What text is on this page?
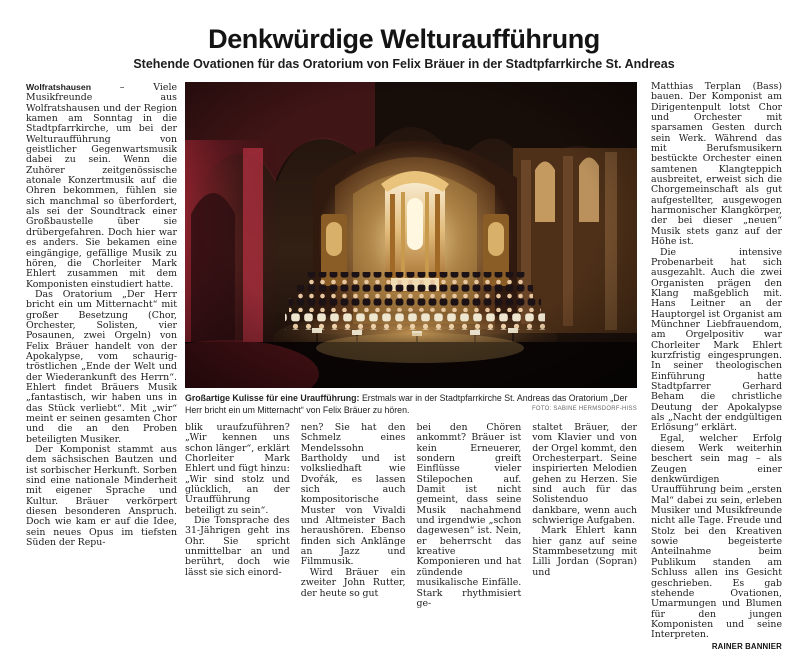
Denkwürdige Welturaufführung
Stehende Ovationen für das Oratorium von Felix Bräuer in der Stadtpfarrkirche St. Andreas

Wolfratshausen – Viele Musikfreunde aus Wolfratshausen und der Region kamen am Sonntag in die Stadtpfarrkirche, um bei der Welturaufführung von geistlicher Gegenwartsmusik dabei zu sein. Wenn die Zuhörer zeitgenössische atonale Konzertmusik auf die Ohren bekommen, fühlen sie sich manchmal so überfordert, als sei der Soundtrack einer Großbaustelle über sie drübergefahren. Doch hier war es anders. Sie bekamen eine eingängige, gefällige Musik zu hören, die Chorleiter Mark Ehlert zusammen mit dem Komponisten einstudiert hatte.

Das Oratorium „Der Herr bricht ein um Mitternacht“ mit großer Besetzung (Chor, Orchester, Solisten, vier Posaunen, zwei Orgeln) von Felix Bräuer handelt von der Apokalypse, vom schaurig-tröstlichen „Ende der Welt und der Wiederankunft des Herrn“. Ehlert findet Bräuers Musik „fantastisch, wir haben uns in das Stück verliebt“. Mit „wir“ meint er seinen gesamten Chor und die an den Proben beteiligten Musiker.

Der Komponist stammt aus dem sächsischen Bautzen und ist sorbischer Herkunft. Sorben sind eine nationale Minderheit mit eigener Sprache und Kultur. Bräuer verkörpert diesen besonderen Anspruch. Doch wie kam er auf die Idee, sein neues Opus im tiefsten Süden der Repu-

Großartige Kulisse für eine Uraufführung: Erstmals war in der Stadtpfarrkirche St. Andreas das Oratorium „Der Herr bricht ein um Mitternacht“ von Felix Bräuer zu hören.	FOTO: SABINE HERMSDORF-HISS

blik uraufzuführen? „Wir kennen uns schon länger“, erklärt Chorleiter Mark Ehlert und fügt hinzu: „Wir sind stolz und glücklich, an der Uraufführung beteiligt zu sein“.

Die Tonsprache des 31-Jährigen geht ins Ohr. Sie spricht unmittelbar an und berührt, doch wie lässt sie sich einord-

nen? Sie hat den Schmelz eines Mendelssohn Bartholdy und ist volksliedhaft wie Dvořák, es lassen sich auch kompositorische Muster von Vivaldi und Altmeister Bach heraushören. Ebenso finden sich Anklänge an Jazz und Filmmusik.

Wird Bräuer ein zweiter John Rutter, der heute so gut

bei den Chören ankommt? Bräuer ist kein Erneuerer, sondern greift Einflüsse vieler Stilepochen auf. Damit ist nicht gemeint, dass seine Musik nachahmend und irgendwie „schon dagewesen“ ist. Nein, er beherrscht das kreative Komponieren und hat zündende musikalische Einfälle. Stark rhythmisiert ge-

staltet Bräuer, der vom Klavier und von der Orgel kommt, den Orchesterpart. Seine inspirierten Melodien gehen zu Herzen. Sie sind auch für das Solistenduo dankbare, wenn auch schwierige Aufgaben.

Mark Ehlert kann hier ganz auf seine Stammbesetzung mit Lilli Jordan (Sopran) und

Matthias Terplan (Bass) bauen. Der Komponist am Dirigentenpult lotst Chor und Orchester mit sparsamen Gesten durch sein Werk. Während das mit Berufsmusikern bestückte Orchester einen samtenen Klangteppich ausbreitet, erweist sich die Chorgemeinschaft als gut aufgestellter, ausgewogen harmonischer Klangkörper, der bei dieser „neuen“ Musik stets ganz auf der Höhe ist.

Die intensive Probenarbeit hat sich ausgezahlt. Auch die zwei Organisten prägen den Klang maßgeblich mit. Hans Leitner an der Hauptorgel ist Organist am Münchner Liebfrauendom, am Orgelpositiv war Chorleiter Mark Ehlert kurzfristig eingesprungen. In seiner theologischen Einführung hatte Stadtpfarrer Gerhard Beham die christliche Deutung der Apokalypse als „Nacht der endgültigen Erlösung“ erklärt.

Egal, welcher Erfolg diesem Werk weiterhin beschert sein mag – als Zeugen einer denkwürdigen Uraufführung beim „ersten Mal“ dabei zu sein, erleben Musiker und Musikfreunde nicht alle Tage. Freude und Stolz bei den Kreativen sowie begeisterte Anteilnahme beim Publikum standen am Schluss allen ins Gesicht geschrieben. Es gab stehende Ovationen, Umarmungen und Blumen für den jungen Komponisten und seine Interpreten.
RAINER BANNIER
